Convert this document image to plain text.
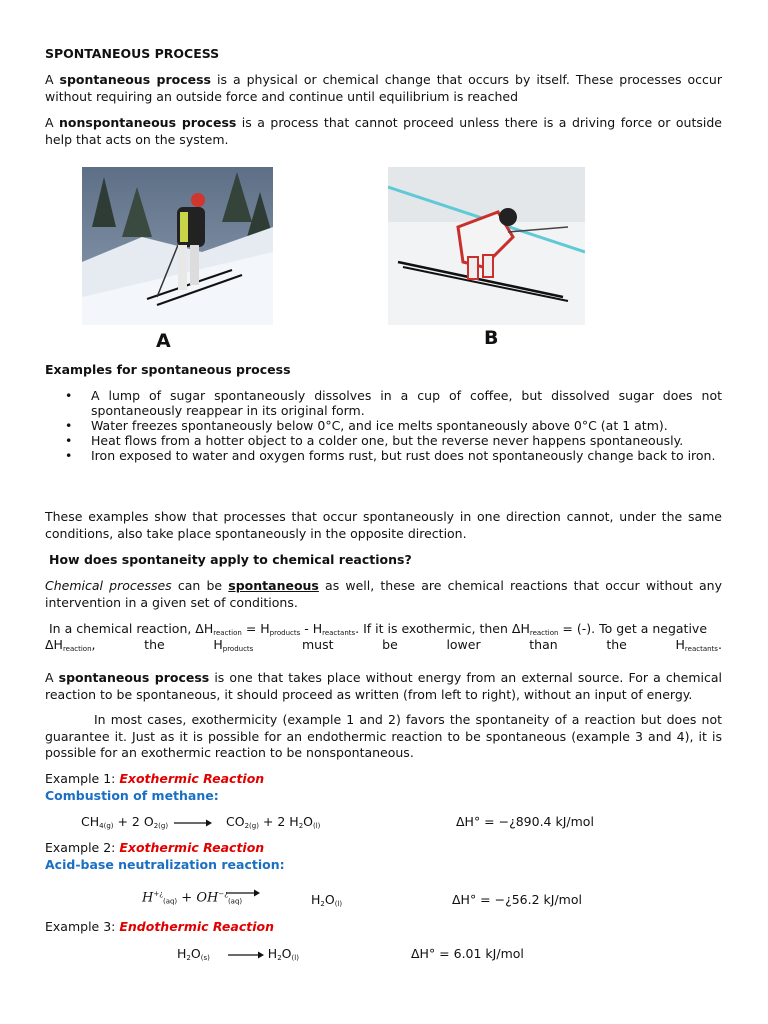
SPONTANEOUS PROCESS
A spontaneous process is a physical or chemical change that occurs by itself. These processes occur without requiring an outside force and continue until equilibrium is reached
A nonspontaneous process is a process that cannot proceed unless there is a driving force or outside help that acts on the system.
A	B
Examples for spontaneous process
• A lump of sugar spontaneously dissolves in a cup of coffee, but dissolved sugar does not spontaneously reappear in its original form.
• Water freezes spontaneously below 0°C, and ice melts spontaneously above 0°C (at 1 atm).
• Heat flows from a hotter object to a colder one, but the reverse never happens spontaneously.
• Iron exposed to water and oxygen forms rust, but rust does not spontaneously change back to iron.
These examples show that processes that occur spontaneously in one direction cannot, under the same conditions, also take place spontaneously in the opposite direction.
How does spontaneity apply to chemical reactions?
Chemical processes can be spontaneous as well, these are chemical reactions that occur without any intervention in a given set of conditions.
In a chemical reaction, $\Delta H_{reaction} = H_{products} - H_{reactants}$. If it is exothermic, then $\Delta H_{reaction}$ = (-). To get a negative
$\Delta H_{reaction}$,	the	$H_{products}$	must	be	lower	than	the	$H_{reactants}$.
A spontaneous process is one that takes place without energy from an external source. For a chemical reaction to be spontaneous, it should proceed as written (from left to right), without an input of energy.
In most cases, exothermicity (example 1 and 2) favors the spontaneity of a reaction but does not guarantee it. Just as it is possible for an endothermic reaction to be spontaneous (example 3 and 4), it is possible for an exothermic reaction to be nonspontaneous.
Example 1: Exothermic Reaction
Combustion of methane:
$CH_{4(g)} + 2$ $O_{2(g)} \to CO_{2(g)} + 2$ $H_2O_{(l)}$	ΔH° = −¿890.4 kJ/mol
Example 2: Exothermic Reaction
Acid-base neutralization reaction:
$H^{+¿}_{(aq)} + OH^{-¿}_{(aq)}$	$H_2O_{(l)}$	ΔH° = −¿56.2 kJ/mol
Example 3: Endothermic Reaction
$H_2O_{(s)} \to H_2O_{(l)}$	ΔH° = 6.01 kJ/mol
